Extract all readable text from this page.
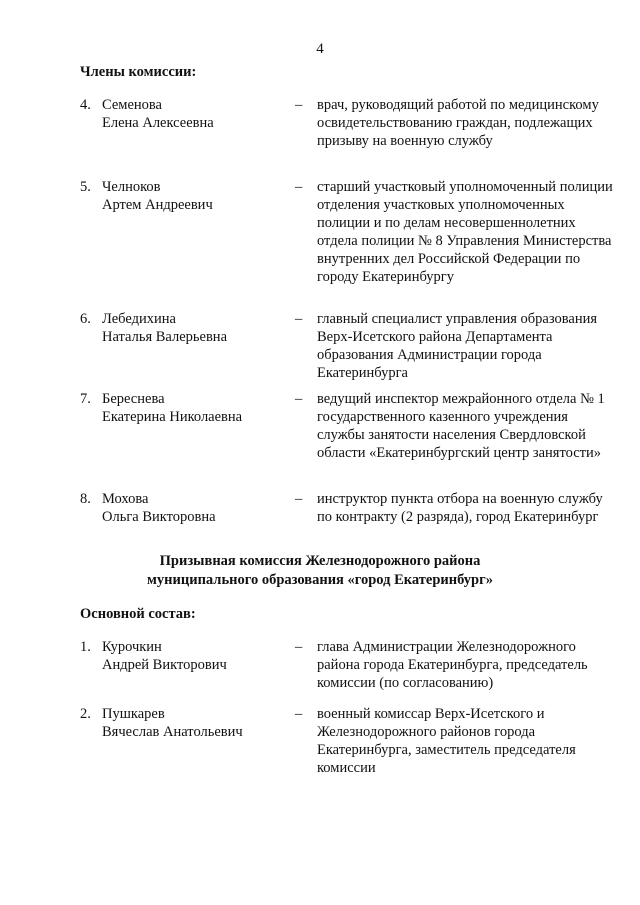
4
Члены комиссии:
4. Семенова
Елена Алексеевна
– врач, руководящий работой по медицинскому освидетельствованию граждан, подлежащих призыву на военную службу
5. Челноков
Артем Андреевич
– старший участковый уполномоченный полиции отделения участковых уполномоченных полиции и по делам несовершеннолетних отдела полиции № 8 Управления Министерства внутренних дел Российской Федерации по городу Екатеринбургу
6. Лебедихина
Наталья Валерьевна
– главный специалист управления образования Верх-Исетского района Департамента образования Администрации города Екатеринбурга
7. Береснева
Екатерина Николаевна
– ведущий инспектор межрайонного отдела № 1 государственного казенного учреждения службы занятости населения Свердловской области «Екатеринбургский центр занятости»
8. Мохова
Ольга Викторовна
– инструктор пункта отбора на военную службу по контракту (2 разряда), город Екатеринбург
Призывная комиссия Железнодорожного района
муниципального образования «город Екатеринбург»
Основной состав:
1. Курочкин
Андрей Викторович
– глава Администрации Железнодорожного района города Екатеринбурга, председатель комиссии (по согласованию)
2. Пушкарев
Вячеслав Анатольевич
– военный комиссар Верх-Исетского и Железнодорожного районов города Екатеринбурга, заместитель председателя комиссии
